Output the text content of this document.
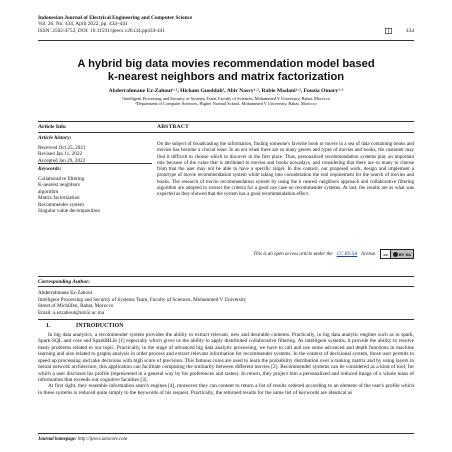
Indonesian Journal of Electrical Engineering and Computer Science
Vol. 26, No. 434, April 2022, pp. 434~441
ISSN: 2502-4752, DOI: 10.11591/ijeecs.v26.i34.pp434-441	434
A hybrid big data movies recommendation model based
k-nearest neighbors and matrix factorization
Abderrahmane Ez-Zahout¹·², Hicham Gueddah¹, Abir Nasry¹·², Rabie Madani¹·², Fouzia Omary¹·²
¹Intelligent Processing and Security of Systems Team, Faculty of Sciences, Mohammed V University, Rabat, Morocco
²Department of Computer Sciences, Higher Normal School, Mohammed V University, Rabat, Morocco
Article Info	ABSTRACT
Article history:
Received Oct 25, 2021
Revised Jan 11, 2022
Accepted Jan 29, 2022
Keywords:
Collaborative filtering
K-nearest neighbors
algorithm
Matrix factorization
Recommender system
Singular value decomposition
On the subject of broadcasting the information, finding someone's favorite book or movie in a sea of data containing books and movies has become a crucial issue. In an era when there are so many genres and types of movies and books, the customer may find it difficult to choose which to discover in the first place. Thus, personalized recommendation systems play an important role because of the value that is attributed to movies and books nowadays, and considering that there are so many to choose from that the user may not be able to have a specific target. In this context, our proposed work, design and implement a prototype of movie recommendation system while taking into consideration the real requirement for the search of movies and books. The research of movie recommendation system by using the k nearest neighbors approach and collaborative filtering algorithm are adopted to extract the criteria for a good use case on recommender systems. At last, the results are as what was expected as they showed that the system has a good recommendation effect.
This is an open access article under the CC BY-SA license.	cc	BY SA
Corresponding Author:
Abderrahmane Ez-Zahout
Intelligent Processing and Security of Systems Team, Faculty of Sciences, Mohammed V University
Street of Michlifen, Rabat, Morocco
Email: a.ezzahout@um5r.ac.ma
1.	INTRODUCTION

In big data analytics, a recommender system provides the ability to extract relevant, new and desirable contents. Practically, in big data analytic engines such as in spark, Spark-SQL and core and SparkMLib [1] especially which gives us the ability to apply distributed collaborative filtering. As intelligent systems, it provide the ability to resolve many problems related to our topic. Practically, in the stage of advanced big data analytic processing, we have to call and use some advanced and depth functions in machine learning and also related to graphs analysis in order process and extract relevant information for recommender systems. In the context of decisional system, those user permits to speed up processing and take decisions with high score of precision. This famous cores are used to learn the probability distribution over a ranking matrix and by using layers in neural network architecture, this application can facilitate computing the similarity between different movies [2]. Recommender systems can be considered as a kind of tool, for which a user discloses his profile (represented in a general way by his preferences and tastes). In return, they project him a personalized and reduced image of a whole mass of information that exceeds our cognitive faculties [3].

At first sight, they resemble information search engines [4], moreover they can content to return a list of results ordered according to an element of the user's profile which in these systems is reduced quite simply to the keywords of his request. Practically, the returned results for the same list of keywords are identical as

Journal homepage: http://ijeecs.iaescore.com
